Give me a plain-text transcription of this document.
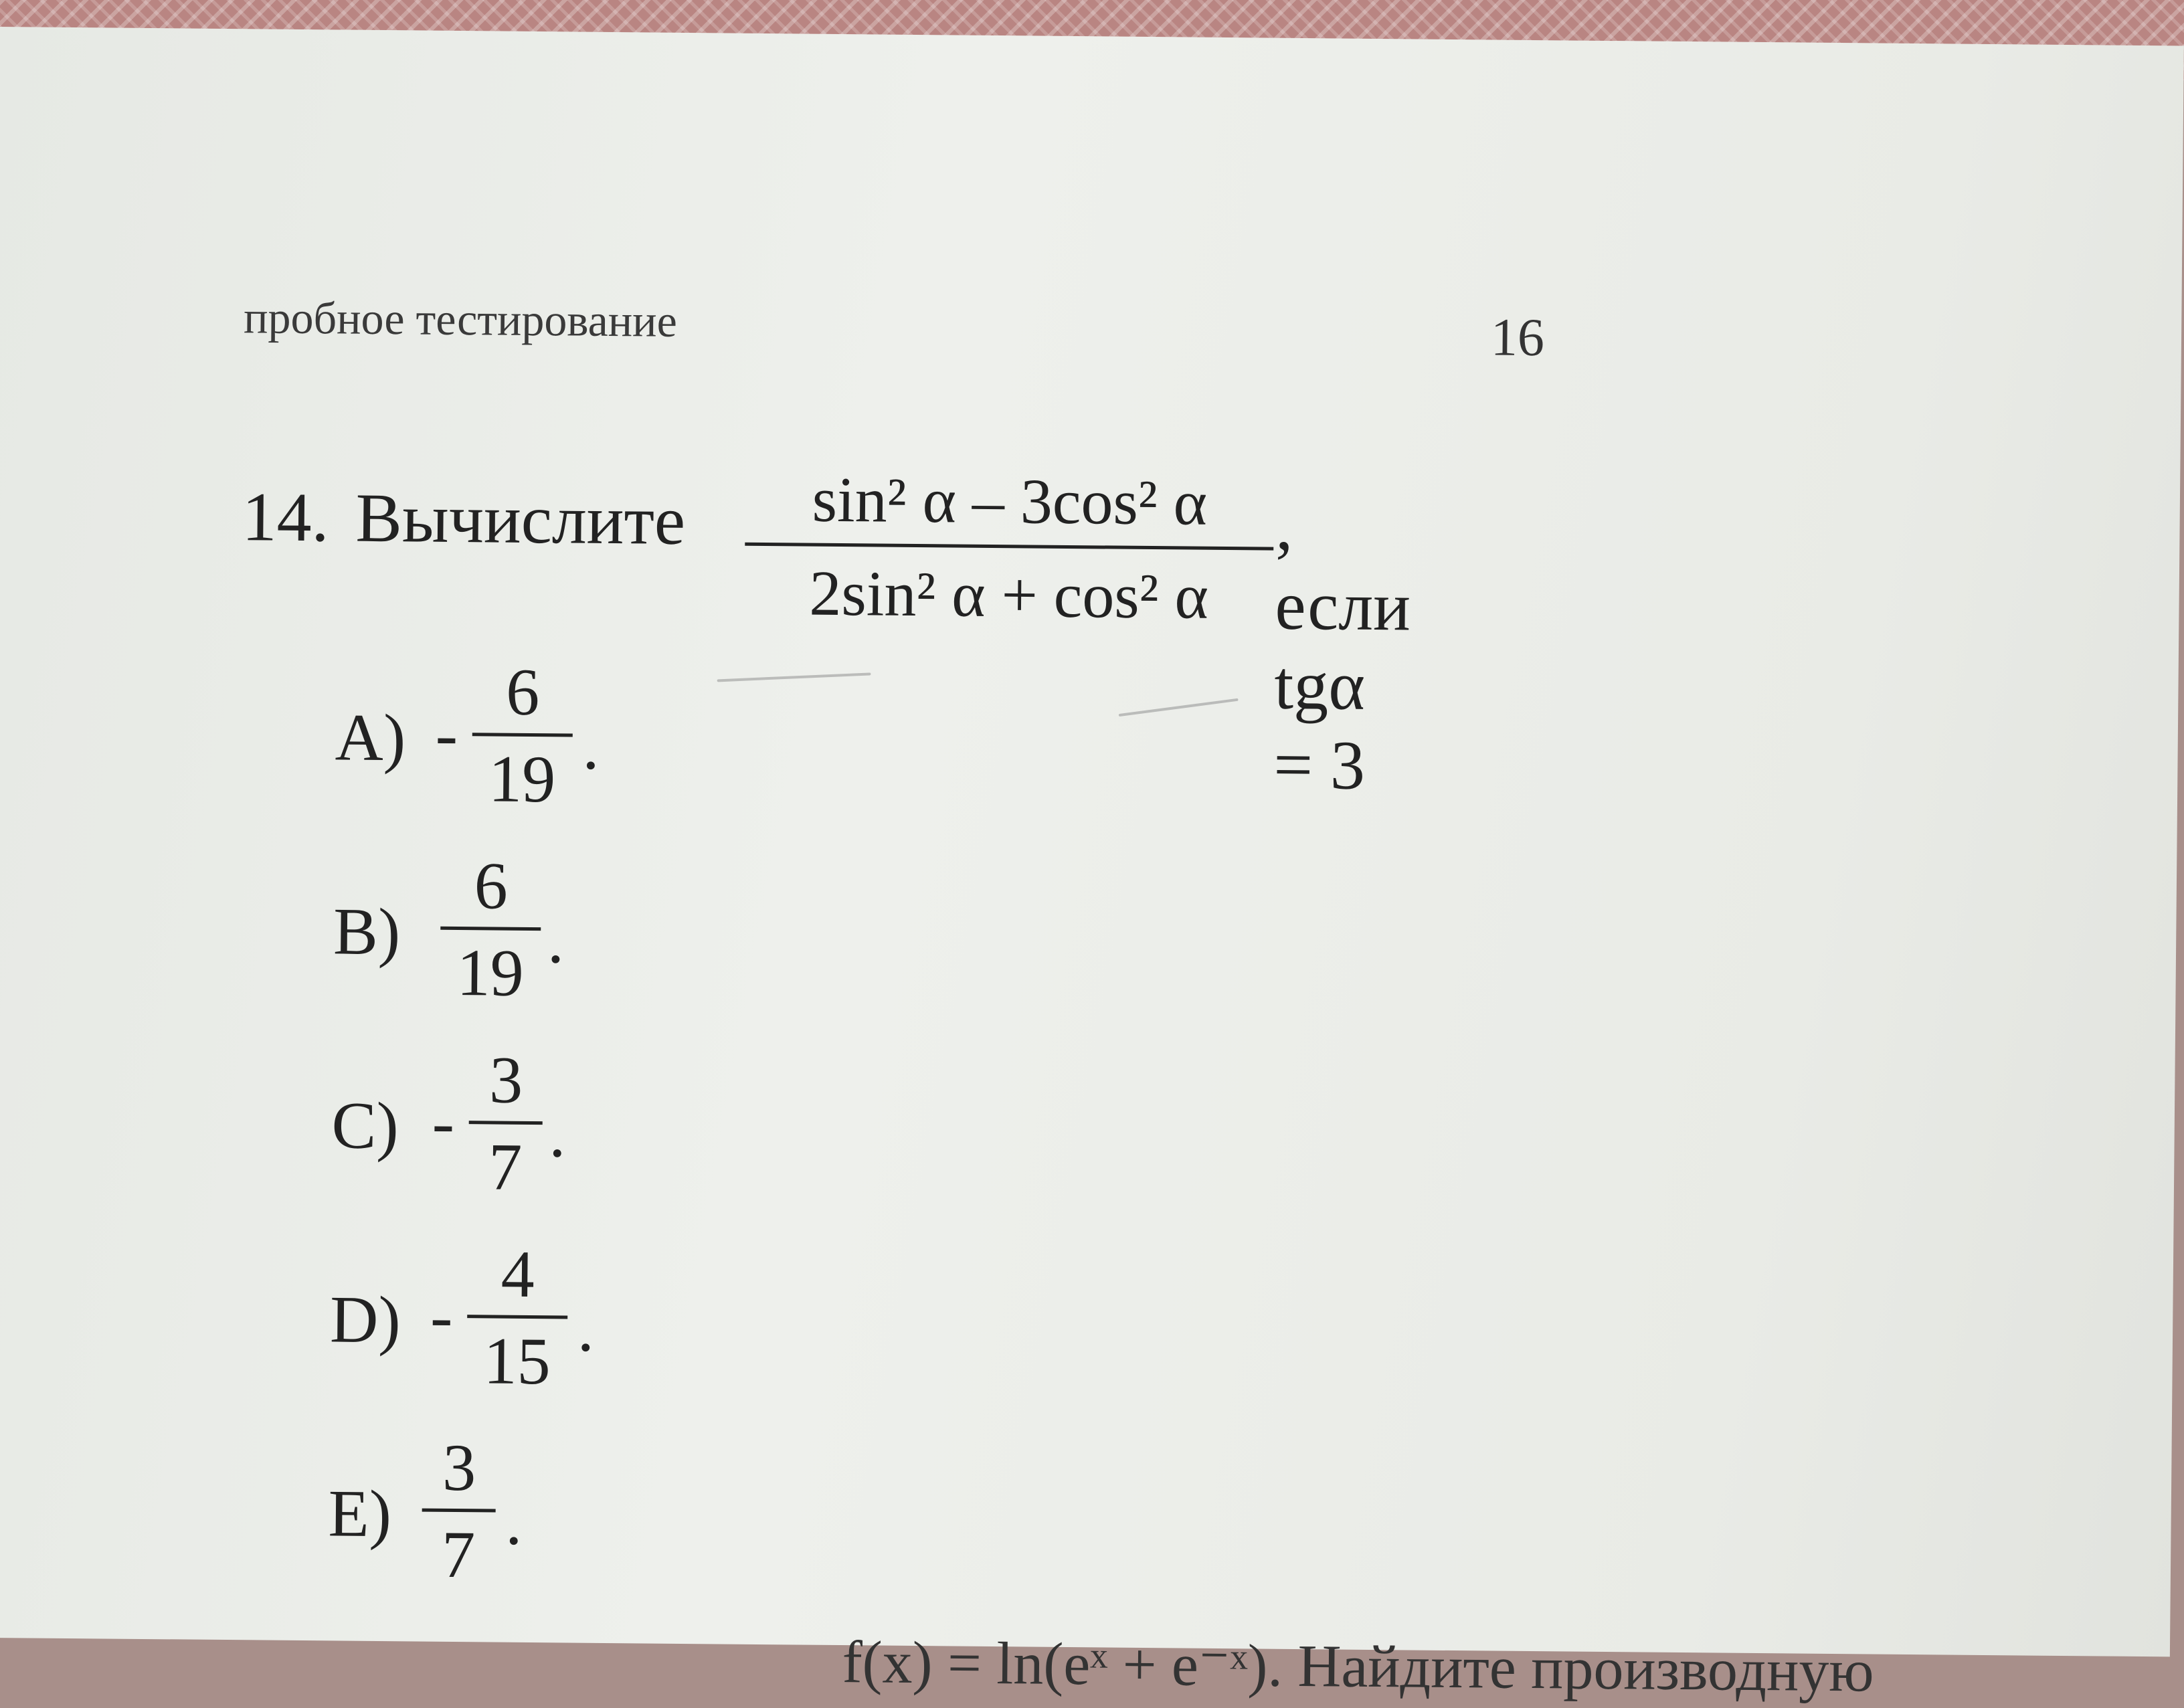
пробное тестирование	16
14. Вычислите $\frac{\text{sin² α – 3cos² α}}{\text{2sin² α + cos² α}}$ , если tgα = 3
$A) - \frac{6}{19}$ .
$B) \frac{6}{19}$ .
$C) - \frac{3}{7}$ .
$D) - \frac{4}{15}$ .
$E) \frac{3}{7}$ .
f(x) = ln(eˣ + e⁻ˣ). Найдите производную
